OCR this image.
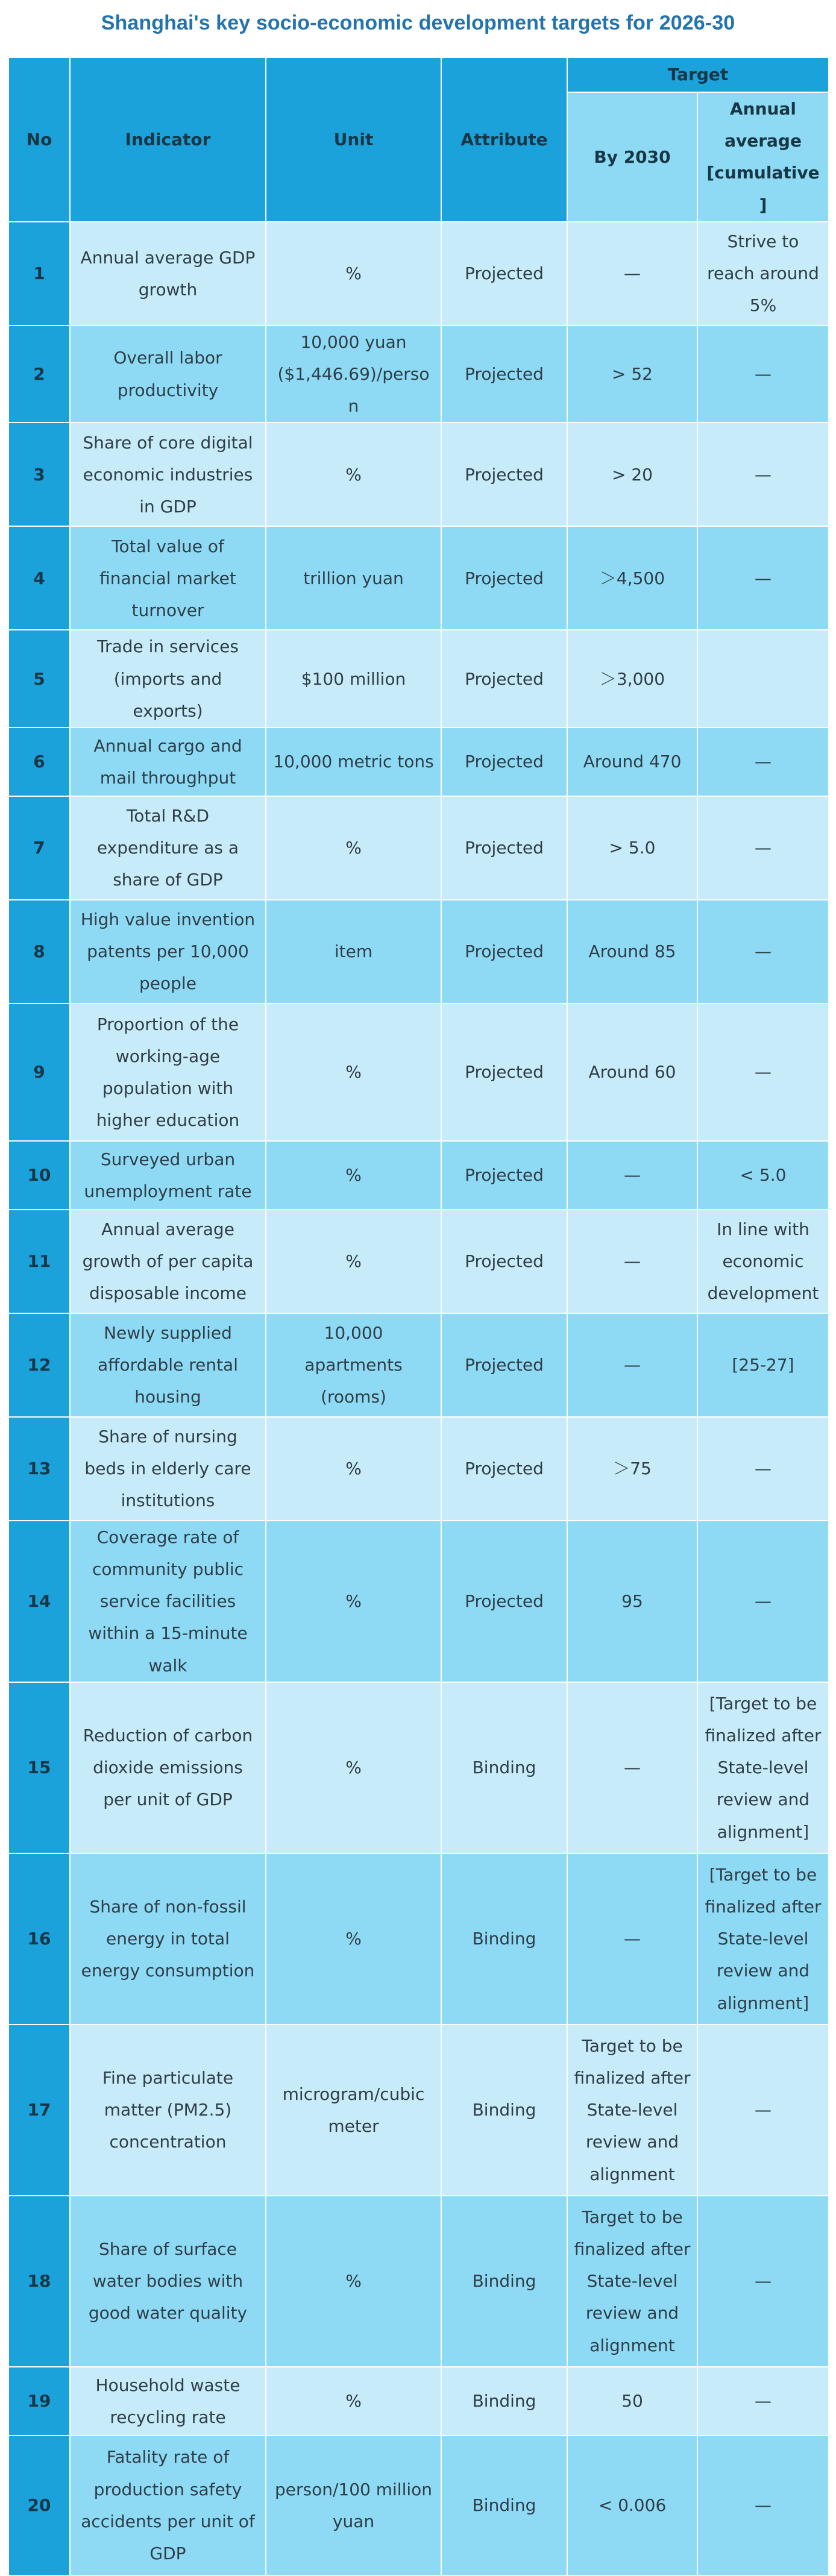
Shanghai's key socio-economic development targets for 2026-30
No	Indicator	Unit	Attribute	Target	
				By 2030	Annual average [cumulative]
1	Annual average GDP growth	%	Projected	—	Strive to reach around 5%
2	Overall labor productivity	10,000 yuan ($1,446.69)/person	Projected	> 52	—
3	Share of core digital economic industries in GDP	%	Projected	> 20	—
4	Total value of financial market turnover	trillion yuan	Projected	＞4,500	—
5	Trade in services (imports and exports)	$100 million	Projected	＞3,000	
6	Annual cargo and mail throughput	10,000 metric tons	Projected	Around 470	—
7	Total R&D expenditure as a share of GDP	%	Projected	> 5.0	—
8	High value invention patents per 10,000 people	item	Projected	Around 85	—
9	Proportion of the working-age population with higher education	%	Projected	Around 60	—
10	Surveyed urban unemployment rate	%	Projected	—	< 5.0
11	Annual average growth of per capita disposable income	%	Projected	—	In line with economic development
12	Newly supplied affordable rental housing	10,000 apartments (rooms)	Projected	—	[25-27]
13	Share of nursing beds in elderly care institutions	%	Projected	＞75	—
14	Coverage rate of community public service facilities within a 15-minute walk	%	Projected	95	—
15	Reduction of carbon dioxide emissions per unit of GDP	%	Binding	—	[Target to be finalized after State-level review and alignment]
16	Share of non-fossil energy in total energy consumption	%	Binding	—	[Target to be finalized after State-level review and alignment]
17	Fine particulate matter (PM2.5) concentration	microgram/cubic meter	Binding	Target to be finalized after State-level review and alignment	—
18	Share of surface water bodies with good water quality	%	Binding	Target to be finalized after State-level review and alignment	—
19	Household waste recycling rate	%	Binding	50	—
20	Fatality rate of production safety accidents per unit of GDP	person/100 million yuan	Binding	< 0.006	—
